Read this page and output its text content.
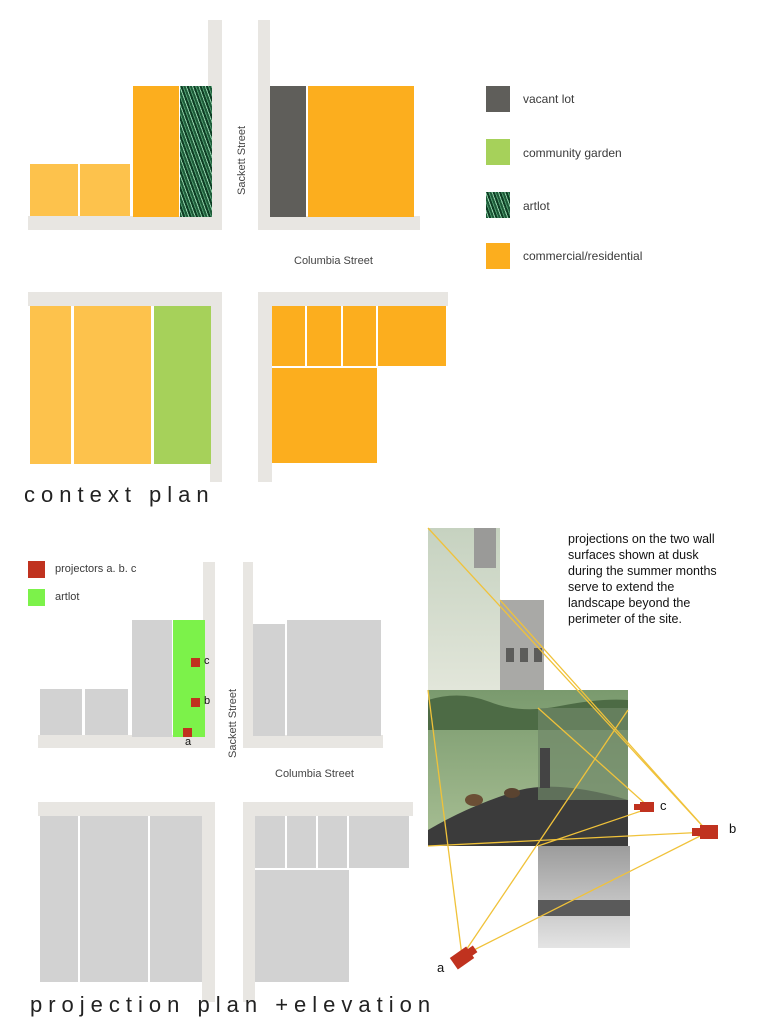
Sackett Street
Columbia Street
vacant lot
community garden
artlot
commercial/residential
context plan
projectors a. b. c
artlot
c
b
a	Sackett Street
Columbia Street
projection plan +elevation
c
b
a
projections on the two wall surfaces shown at dusk during the summer months serve to extend the landscape beyond the perimeter of the site.
